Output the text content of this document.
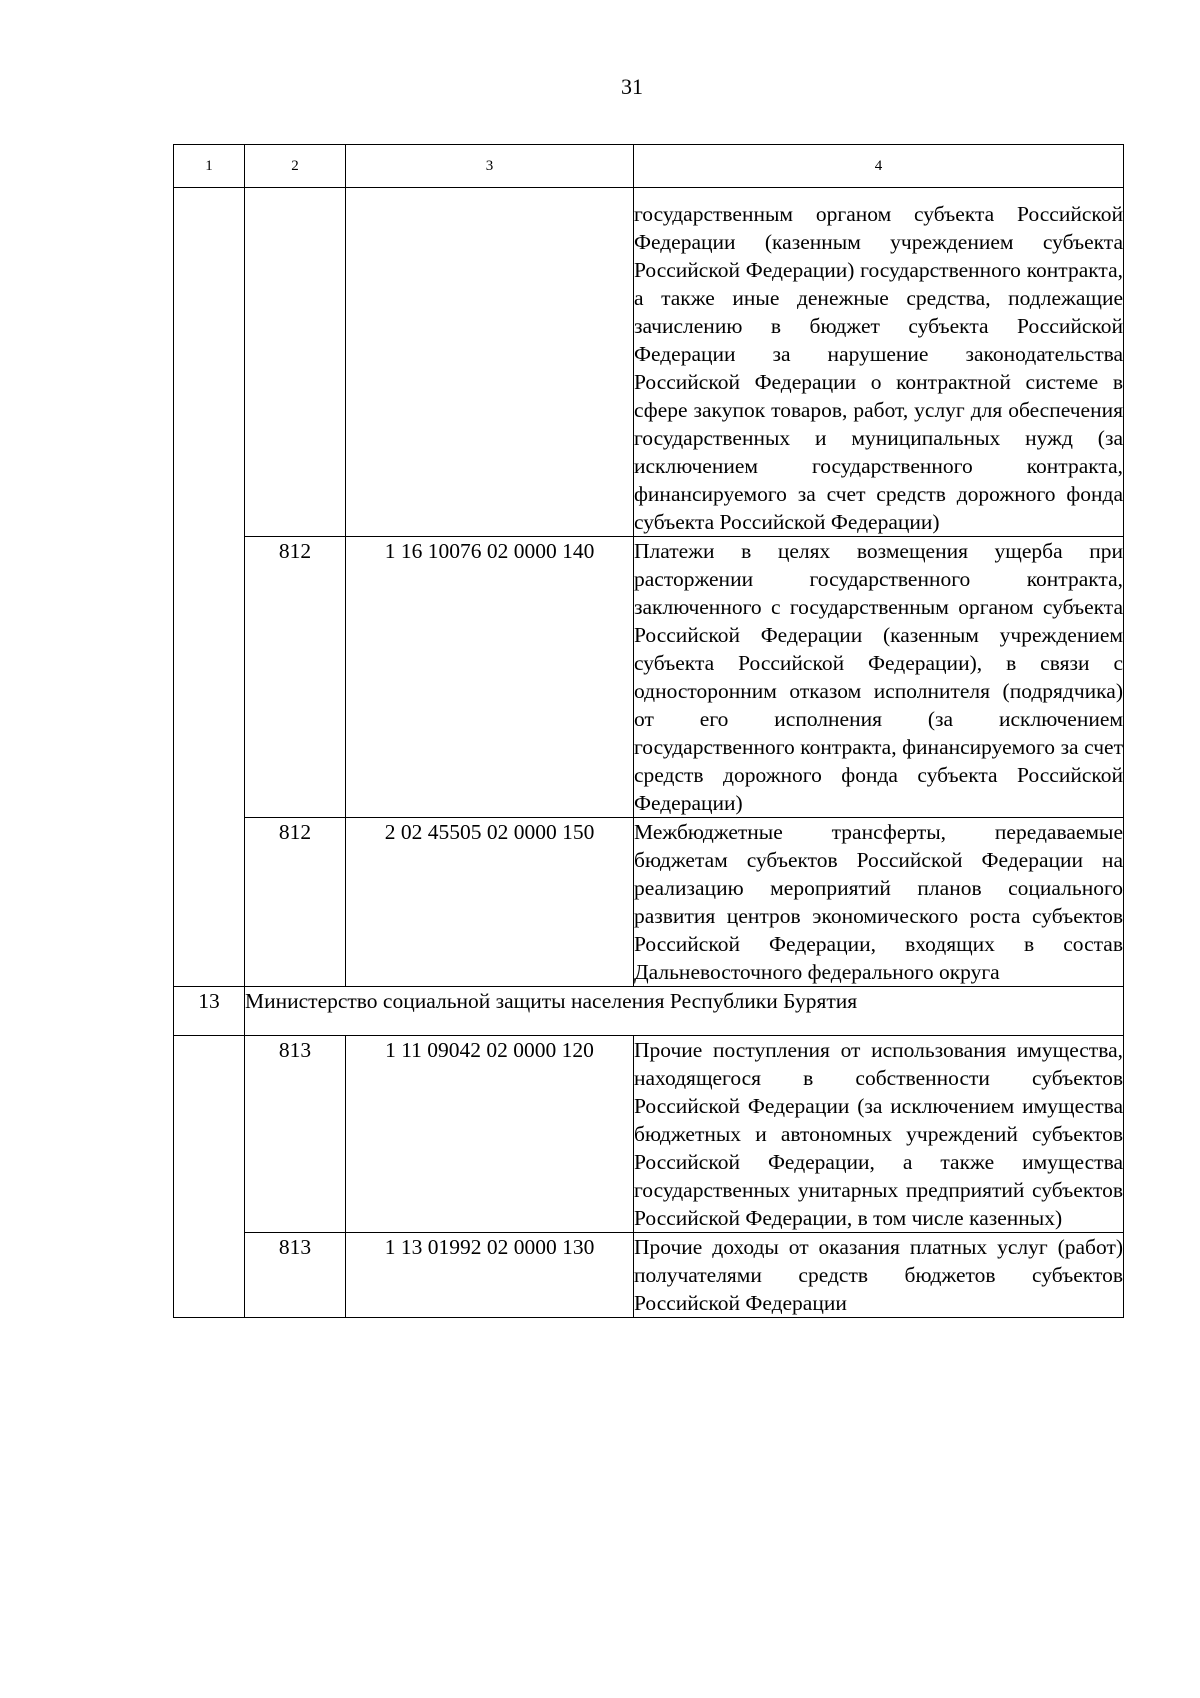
31
1	2	3	4
			государственным органом субъекта Российской Федерации (казенным учреждением субъекта Российской Федерации) государственного контракта, а также иные денежные средства, подлежащие зачислению в бюджет субъекта Российской Федерации за нарушение законодательства Российской Федерации о контрактной системе в сфере закупок товаров, работ, услуг для обеспечения государственных и муниципальных нужд (за исключением государственного контракта, финансируемого за счет средств дорожного фонда субъекта Российской Федерации)
	812	1 16 10076 02 0000 140	Платежи в целях возмещения ущерба при расторжении государственного контракта, заключенного с государственным органом субъекта Российской Федерации (казенным учреждением субъекта Российской Федерации), в связи с односторонним отказом исполнителя (подрядчика) от его исполнения (за исключением государственного контракта, финансируемого за счет средств дорожного фонда субъекта Российской Федерации)
	812	2 02 45505 02 0000 150	Межбюджетные трансферты, передаваемые бюджетам субъектов Российской Федерации на реализацию мероприятий планов социального развития центров экономического роста субъектов Российской Федерации, входящих в состав Дальневосточного федерального округа
13	Министерство социальной защиты населения Республики Бурятия		
	813	1 11 09042 02 0000 120	Прочие поступления от использования имущества, находящегося в собственности субъектов Российской Федерации (за исключением имущества бюджетных и автономных учреждений субъектов Российской Федерации, а также имущества государственных унитарных предприятий субъектов Российской Федерации, в том числе казенных)
	813	1 13 01992 02 0000 130	Прочие доходы от оказания платных услуг (работ) получателями средств бюджетов субъектов Российской Федерации
